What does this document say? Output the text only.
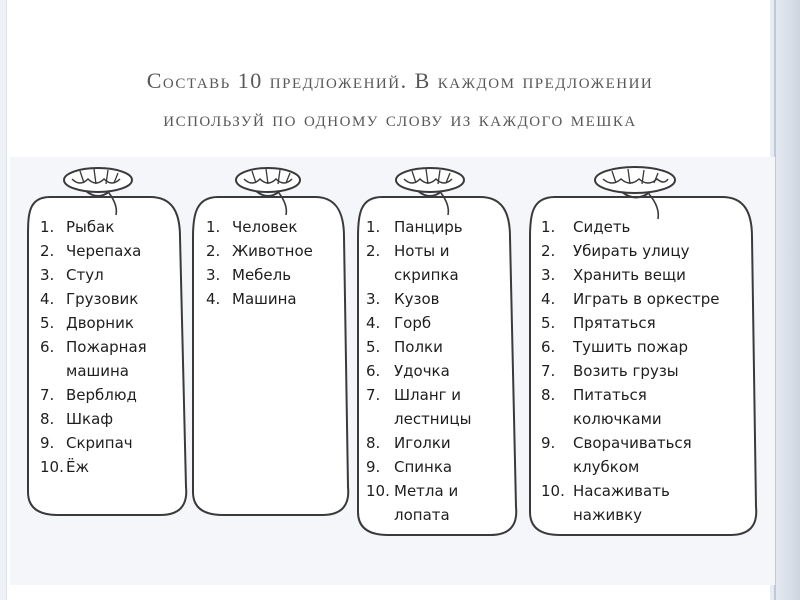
Составь 10 предложений. В каждом предложении
используй по одному слову из каждого мешка
1. Рыбак
2. Черепаха
3. Стул
4. Грузовик
5. Дворник
6. Пожарная
машина
7. Верблюд
8. Шкаф
9. Скрипач
10. Ёж
1. Человек
2. Животное
3. Мебель
4. Машина
1. Панцирь
2. Ноты и
скрипка
3. Кузов
4. Горб
5. Полки
6. Удочка
7. Шланг и
лестницы
8. Иголки
9. Спинка
10. Метла и
лопата
1. Сидеть
2. Убирать улицу
3. Хранить вещи
4. Играть в оркестре
5. Прятаться
6. Тушить пожар
7. Возить грузы
8. Питаться
колючками
9. Сворачиваться
клубком
10. Насаживать
наживку
